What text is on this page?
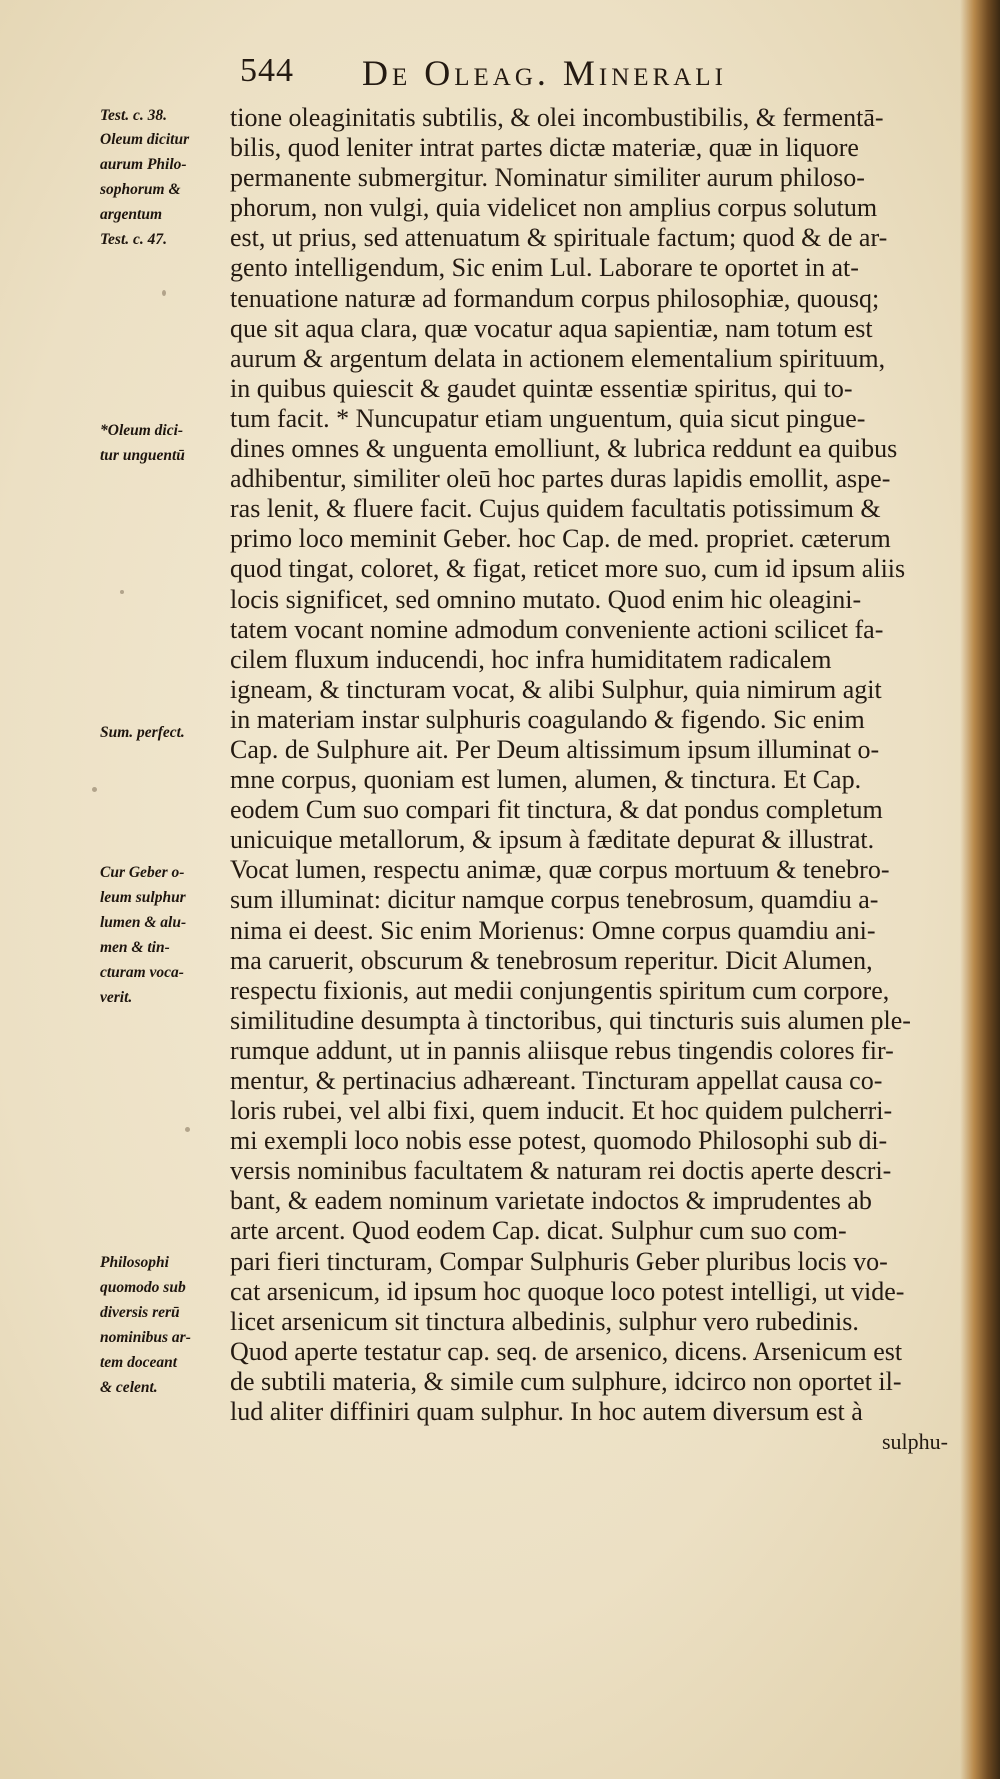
544 De Oleag. Minerali
Test. c. 38.
Oleum dicitur
aurum Philo-
sophorum &
argentum
Test. c. 47.
*Oleum dici-
tur unguentū
Sum. perfect.
Cur Geber o-
leum sulphur
lumen & alu-
men & tin-
cturam voca-
verit.
Philosophi
quomodo sub
diversis rerū
nominibus ar-
tem doceant
& celent.
tione oleaginitatis subtilis, & olei incombustibilis, & fermentā-
bilis, quod leniter intrat partes dictæ materiæ, quæ in liquore
permanente submergitur. Nominatur similiter aurum philoso-
phorum, non vulgi, quia videlicet non amplius corpus solutum
est, ut prius, sed attenuatum & spirituale factum; quod & de ar-
gento intelligendum, Sic enim Lul. Laborare te oportet in at-
tenuatione naturæ ad formandum corpus philosophiæ, quousq;
que sit aqua clara, quæ vocatur aqua sapientiæ, nam totum est
aurum & argentum delata in actionem elementalium spirituum,
in quibus quiescit & gaudet quintæ essentiæ spiritus, qui to-
tum facit. * Nuncupatur etiam unguentum, quia sicut pingue-
dines omnes & unguenta emolliunt, & lubrica reddunt ea quibus
adhibentur, similiter oleū hoc partes duras lapidis emollit, aspe-
ras lenit, & fluere facit. Cujus quidem facultatis potissimum &
primo loco meminit Geber. hoc Cap. de med. propriet. cæterum
quod tingat, coloret, & figat, reticet more suo, cum id ipsum aliis
locis significet, sed omnino mutato. Quod enim hic oleagini-
tatem vocant nomine admodum conveniente actioni scilicet fa-
cilem fluxum inducendi, hoc infra humiditatem radicalem
igneam, & tincturam vocat, & alibi Sulphur, quia nimirum agit
in materiam instar sulphuris coagulando & figendo. Sic enim
Cap. de Sulphure ait. Per Deum altissimum ipsum illuminat o-
mne corpus, quoniam est lumen, alumen, & tinctura. Et Cap.
eodem Cum suo compari fit tinctura, & dat pondus completum
unicuique metallorum, & ipsum à fæditate depurat & illustrat.
Vocat lumen, respectu animæ, quæ corpus mortuum & tenebro-
sum illuminat: dicitur namque corpus tenebrosum, quamdiu a-
nima ei deest. Sic enim Morienus: Omne corpus quamdiu ani-
ma caruerit, obscurum & tenebrosum reperitur. Dicit Alumen,
respectu fixionis, aut medii conjungentis spiritum cum corpore,
similitudine desumpta à tinctoribus, qui tincturis suis alumen ple-
rumque addunt, ut in pannis aliisque rebus tingendis colores fir-
mentur, & pertinacius adhæreant. Tincturam appellat causa co-
loris rubei, vel albi fixi, quem inducit. Et hoc quidem pulcherri-
mi exempli loco nobis esse potest, quomodo Philosophi sub di-
versis nominibus facultatem & naturam rei doctis aperte descri-
bant, & eadem nominum varietate indoctos & imprudentes ab
arte arcent. Quod eodem Cap. dicat. Sulphur cum suo com-
pari fieri tincturam, Compar Sulphuris Geber pluribus locis vo-
cat arsenicum, id ipsum hoc quoque loco potest intelligi, ut vide-
licet arsenicum sit tinctura albedinis, sulphur vero rubedinis.
Quod aperte testatur cap. seq. de arsenico, dicens. Arsenicum est
de subtili materia, & simile cum sulphure, idcirco non oportet il-
lud aliter diffiniri quam sulphur. In hoc autem diversum est à
sulphu-
